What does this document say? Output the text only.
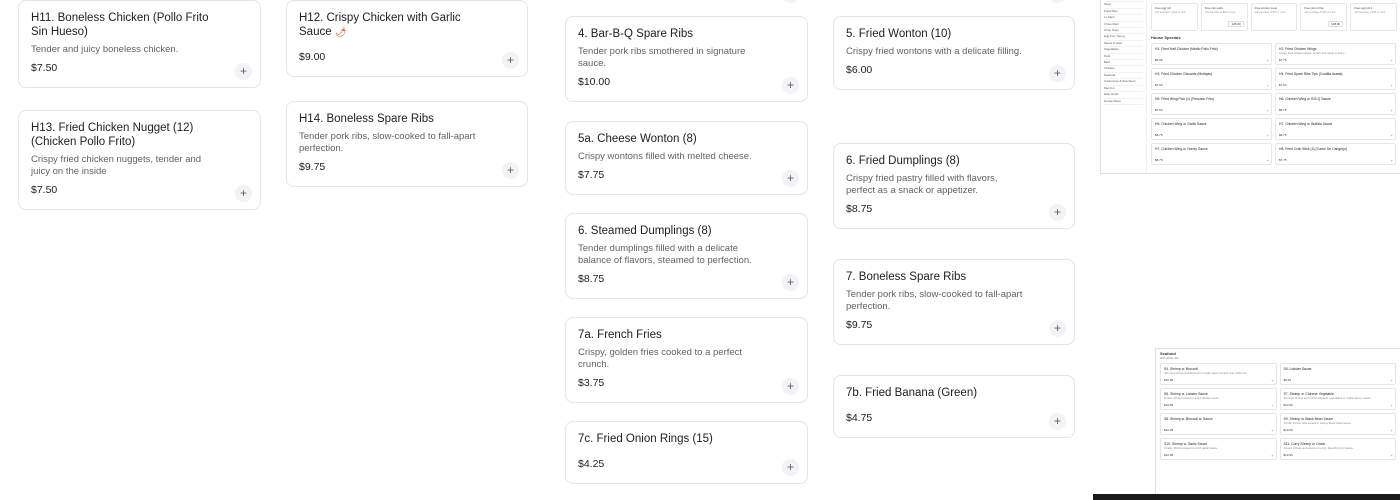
H11. Boneless Chicken (Pollo Frito Sin Hueso)
Tender and juicy boneless chicken.
$7.50	+
H13. Fried Chicken Nugget (12) (Chicken Pollo Frito)
Crispy fried chicken nuggets, tender and juicy on the inside
$7.50	+
H12. Crispy Chicken with Garlic Sauce 🌶
$9.00	+
H14. Boneless Spare Ribs
Tender pork ribs, slow-cooked to fall-apart perfection.
$9.75	+
4. Bar-B-Q Spare Ribs
Tender pork ribs smothered in signature sauce.
$10.00	+
5a. Cheese Wonton (8)
Crispy wontons filled with melted cheese.
$7.75	+
6. Steamed Dumplings (8)
Tender dumplings filled with a delicate balance of flavors, steamed to perfection.
$8.75	+
7a. French Fries
Crispy, golden fries cooked to a perfect crunch.
$3.75	+
7c. Fried Onion Rings (15)
$4.25	+
5. Fried Wonton (10)
Crispy fried wontons with a delicate filling.
$6.00	+
6. Fried Dumplings (8)
Crispy fried pastry filled with flavors, perfect as a snack or appetizer.
$8.75	+
7. Boneless Spare Ribs
Tender pork ribs, slow-cooked to fall-apart perfection.
$9.75	+
7b. Fried Banana (Green)
$4.75	+
Soup
Fried Rice
Lo Mein
Chow Mein
Chop Suey
Egg Foo Young
Sweet & Sour
Vegetables
Pork
Beef
Chicken
Seafood
Cantonese & Szechuan
Mei Fun
Side Order
House Menu
Free egg roll
with purchase of $15 or more
Free can soda
with purchase of $20 or more
128.00
Free wonton soup
with purchase of $25 or more
Free pint of rice
with purchase of $30 or more
128.00
Free egg roll 2
with purchase of $35 or more
House Specials
H1. Fried Half Chicken (Medio Pollo Frito)
$6.95	+
H2. Fried Chicken Wings
Crispy fried chicken wings, tender and ready to enjoy
$7.75	+
H3. Fried Chicken Gizzards (Mollejas)
$7.50	+
H4. Fried Spare Ribs Tips (Costilla Asada)
$7.50	+
H5. Fried Wing Fish (1) (Pescado Frito)
$7.50	+
H6. Chicken Wing w. B.B.Q Sauce
$8.75	+
H5. Chicken Wing w. Garlic Sauce
$8.75	+
H7. Chicken Wing w. Buffalo Sauce
$8.75	+
H7. Chicken Wing w. Honey Sauce
$8.75	+
H8. Fried Crab Stick (4) (Carne De Cangrejo)
$7.75	+
Seafood
with white rice
S4. Shrimp w. Broccoli
Stir-fried shrimp and broccoli in a light sauce served over white rice.
$10.95	+
S5. Lobster Sauce
$9.25	+
S6. Shrimp w. Lobster Sauce
Tender shrimp tossed in a rich lobster sauce.
$10.50	+
S7. Shrimp w. Chinese Vegetable
Stir-fried shrimp and mixed Chinese vegetables in a light savory sauce.
$10.50	+
S8. Shrimp w. Broccoli w. Sauce
$10.95	+
S9. Shrimp w. Black Bean Sauce
Tender shrimp wok-tossed in savory black bean sauce.
$10.50	+
S10. Shrimp w. Garlic Sauce
Tender shrimp tossed in a rich garlic sauce.
$10.95	+
S11. Curry Shrimp w. Onion
Tender shrimp and onions in a rich, flavorful curry sauce.
$10.95	+
